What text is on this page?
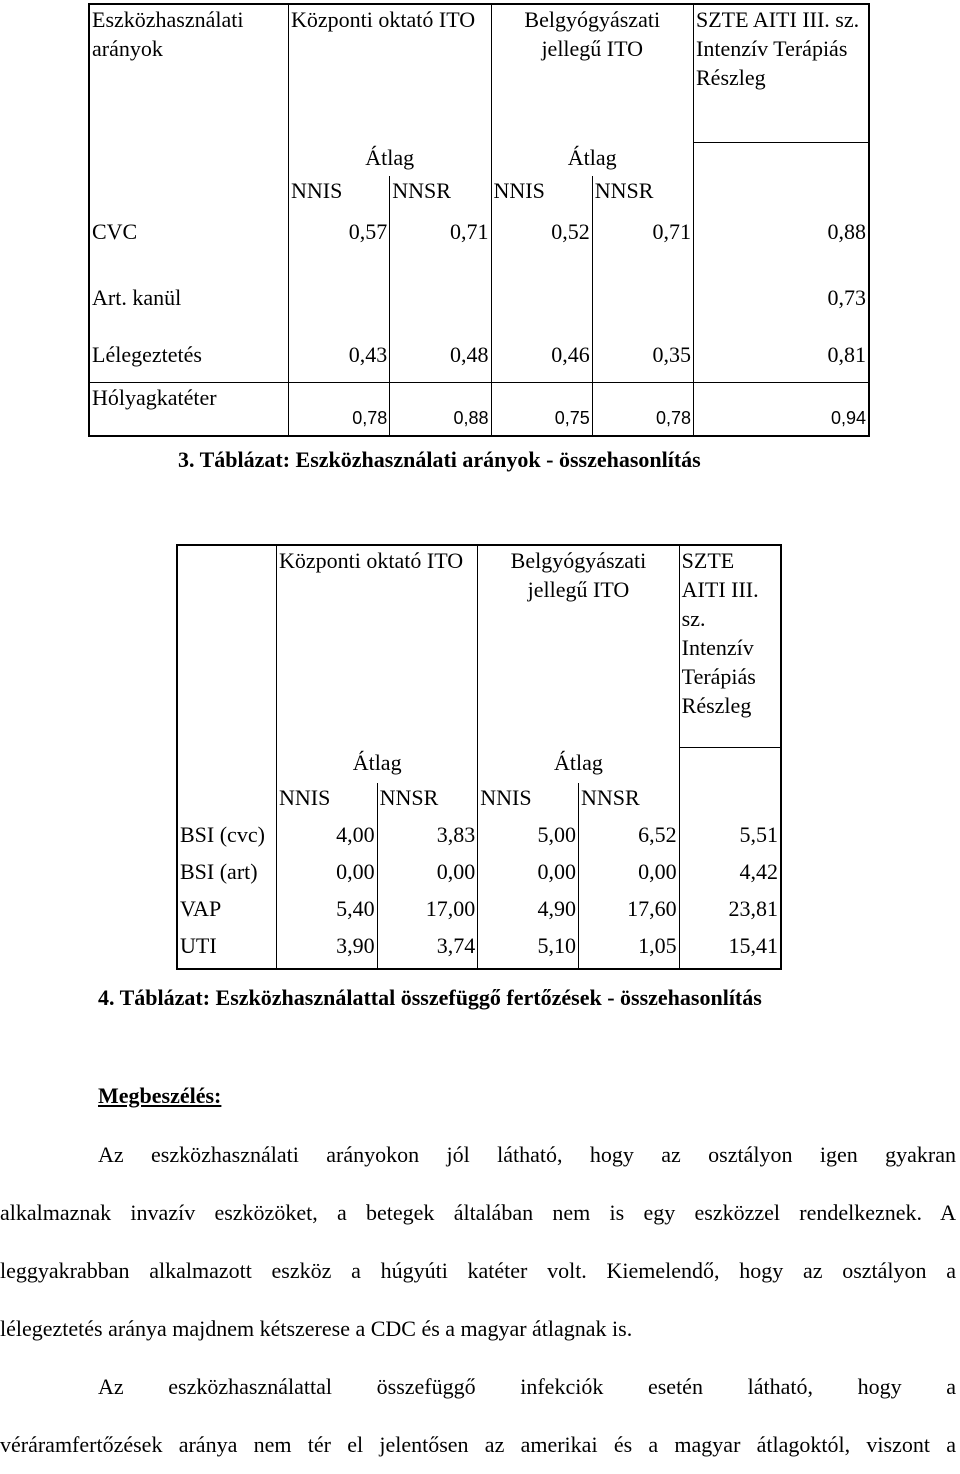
Eszközhasználati arányok	Központi oktató ITO		Belgyógyászati jellegű ITO		SZTE AITI III. sz. Intenzív Terápiás Részleg
	Átlag		Átlag		
	NNIS	NNSR	NNIS	NNSR	
CVC	0,57	0,71	0,52	0,71	0,88
Art. kanül					0,73
Lélegeztetés	0,43	0,48	0,46	0,35	0,81
Hólyagkatéter	0,78	0,88	0,75	0,78	0,94
3. Táblázat: Eszközhasználati arányok - összehasonlítás
	Központi oktató ITO		Belgyógyászati jellegű ITO		SZTE AITI III. sz. Intenzív Terápiás Részleg
	Átlag		Átlag		
	NNIS	NNSR	NNIS	NNSR	
BSI (cvc)	4,00	3,83	5,00	6,52	5,51
BSI (art)	0,00	0,00	0,00	0,00	4,42
VAP	5,40	17,00	4,90	17,60	23,81
UTI	3,90	3,74	5,10	1,05	15,41
4. Táblázat: Eszközhasználattal összefüggő fertőzések - összehasonlítás
Megbeszélés:
Az eszközhasználati arányokon jól látható, hogy az osztályon igen gyakran
alkalmaznak invazív eszközöket, a betegek általában nem is egy eszközzel rendelkeznek. A
leggyakrabban alkalmazott eszköz a húgyúti katéter volt. Kiemelendő, hogy az osztályon a
lélegeztetés aránya majdnem kétszerese a CDC és a magyar átlagnak is.
Az eszközhasználattal összefüggő infekciók esetén látható, hogy a
véráramfertőzések aránya nem tér el jelentősen az amerikai és a magyar átlagoktól, viszont a
